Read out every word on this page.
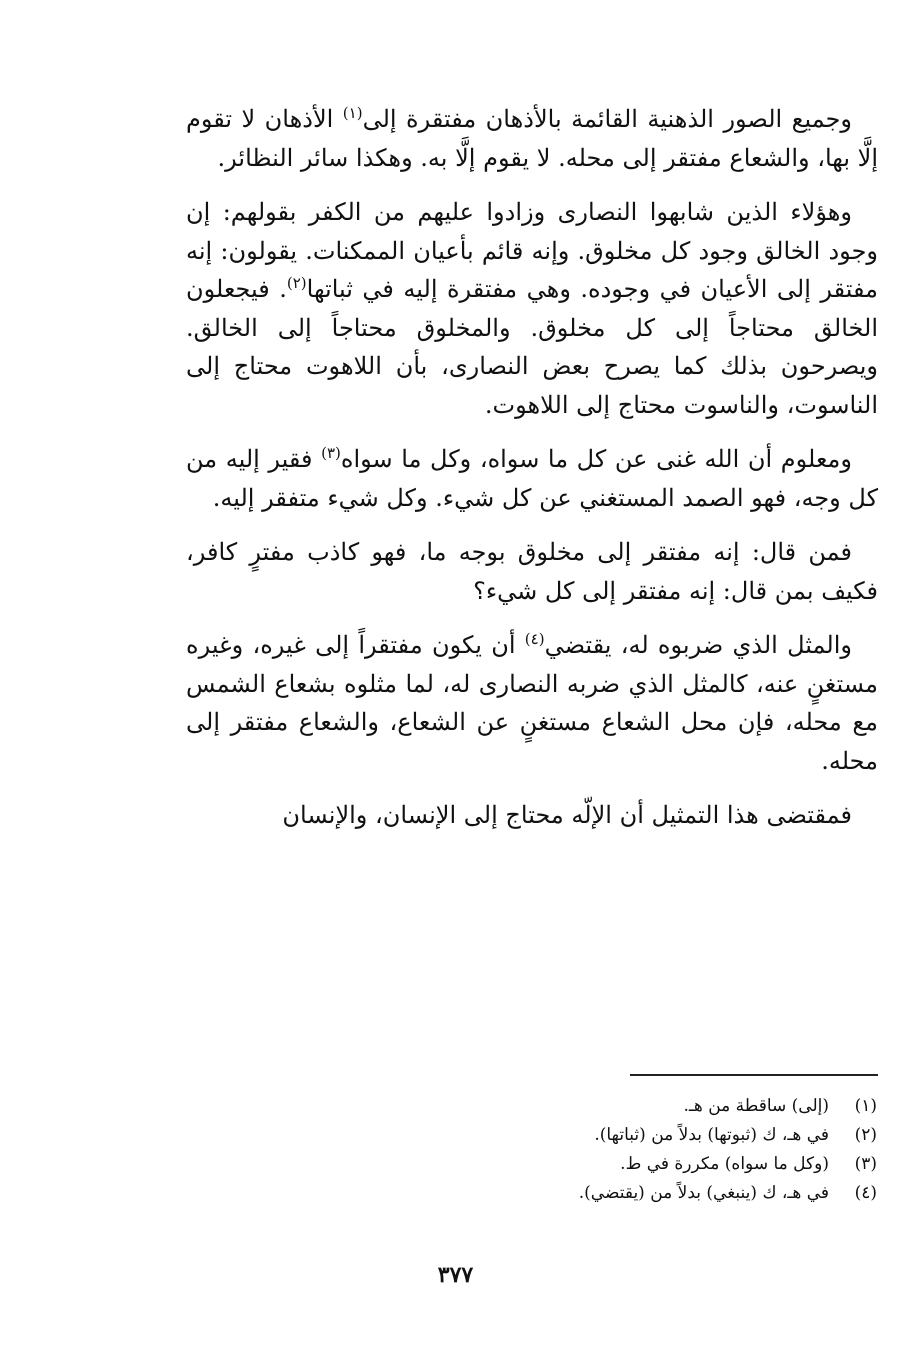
وجميع الصور الذهنية القائمة بالأذهان مفتقرة إلى$^{(١)}$ الأذهان لا تقوم إلَّا بها، والشعاع مفتقر إلى محله. لا يقوم إلَّا به. وهكذا سائر النظائر.

وهؤلاء الذين شابهوا النصارى وزادوا عليهم من الكفر بقولهم: إن وجود الخالق وجود كل مخلوق. وإنه قائم بأعيان الممكنات. يقولون: إنه مفتقر إلى الأعيان في وجوده. وهي مفتقرة إليه في ثباتها$^{(٢)}$. فيجعلون الخالق محتاجاً إلى كل مخلوق. والمخلوق محتاجاً إلى الخالق. ويصرحون بذلك كما يصرح بعض النصارى، بأن اللاهوت محتاج إلى الناسوت، والناسوت محتاج إلى اللاهوت.

ومعلوم أن الله غنى عن كل ما سواه، وكل ما سواه$^{(٣)}$ فقير إليه من كل وجه، فهو الصمد المستغني عن كل شيء. وكل شيء متفقر إليه.

فمن قال: إنه مفتقر إلى مخلوق بوجه ما، فهو كاذب مفترٍ كافر، فكيف بمن قال: إنه مفتقر إلى كل شيء؟

والمثل الذي ضربوه له، يقتضي$^{(٤)}$ أن يكون مفتقراً إلى غيره، وغيره مستغنٍ عنه، كالمثل الذي ضربه النصارى له، لما مثلوه بشعاع الشمس مع محله، فإن محل الشعاع مستغنٍ عن الشعاع، والشعاع مفتقر إلى محله.

فمقتضى هذا التمثيل أن الإلّه محتاج إلى الإنسان، والإنسان

(١)
(إلى) ساقطة من هـ.
(٢)
في هـ، ك (ثبوتها) بدلاً من (ثباتها).
(٣)
(وكل ما سواه) مكررة في ط.
(٤)
في هـ، ك (ينبغي) بدلاً من (يقتضي).
٣٧٧
